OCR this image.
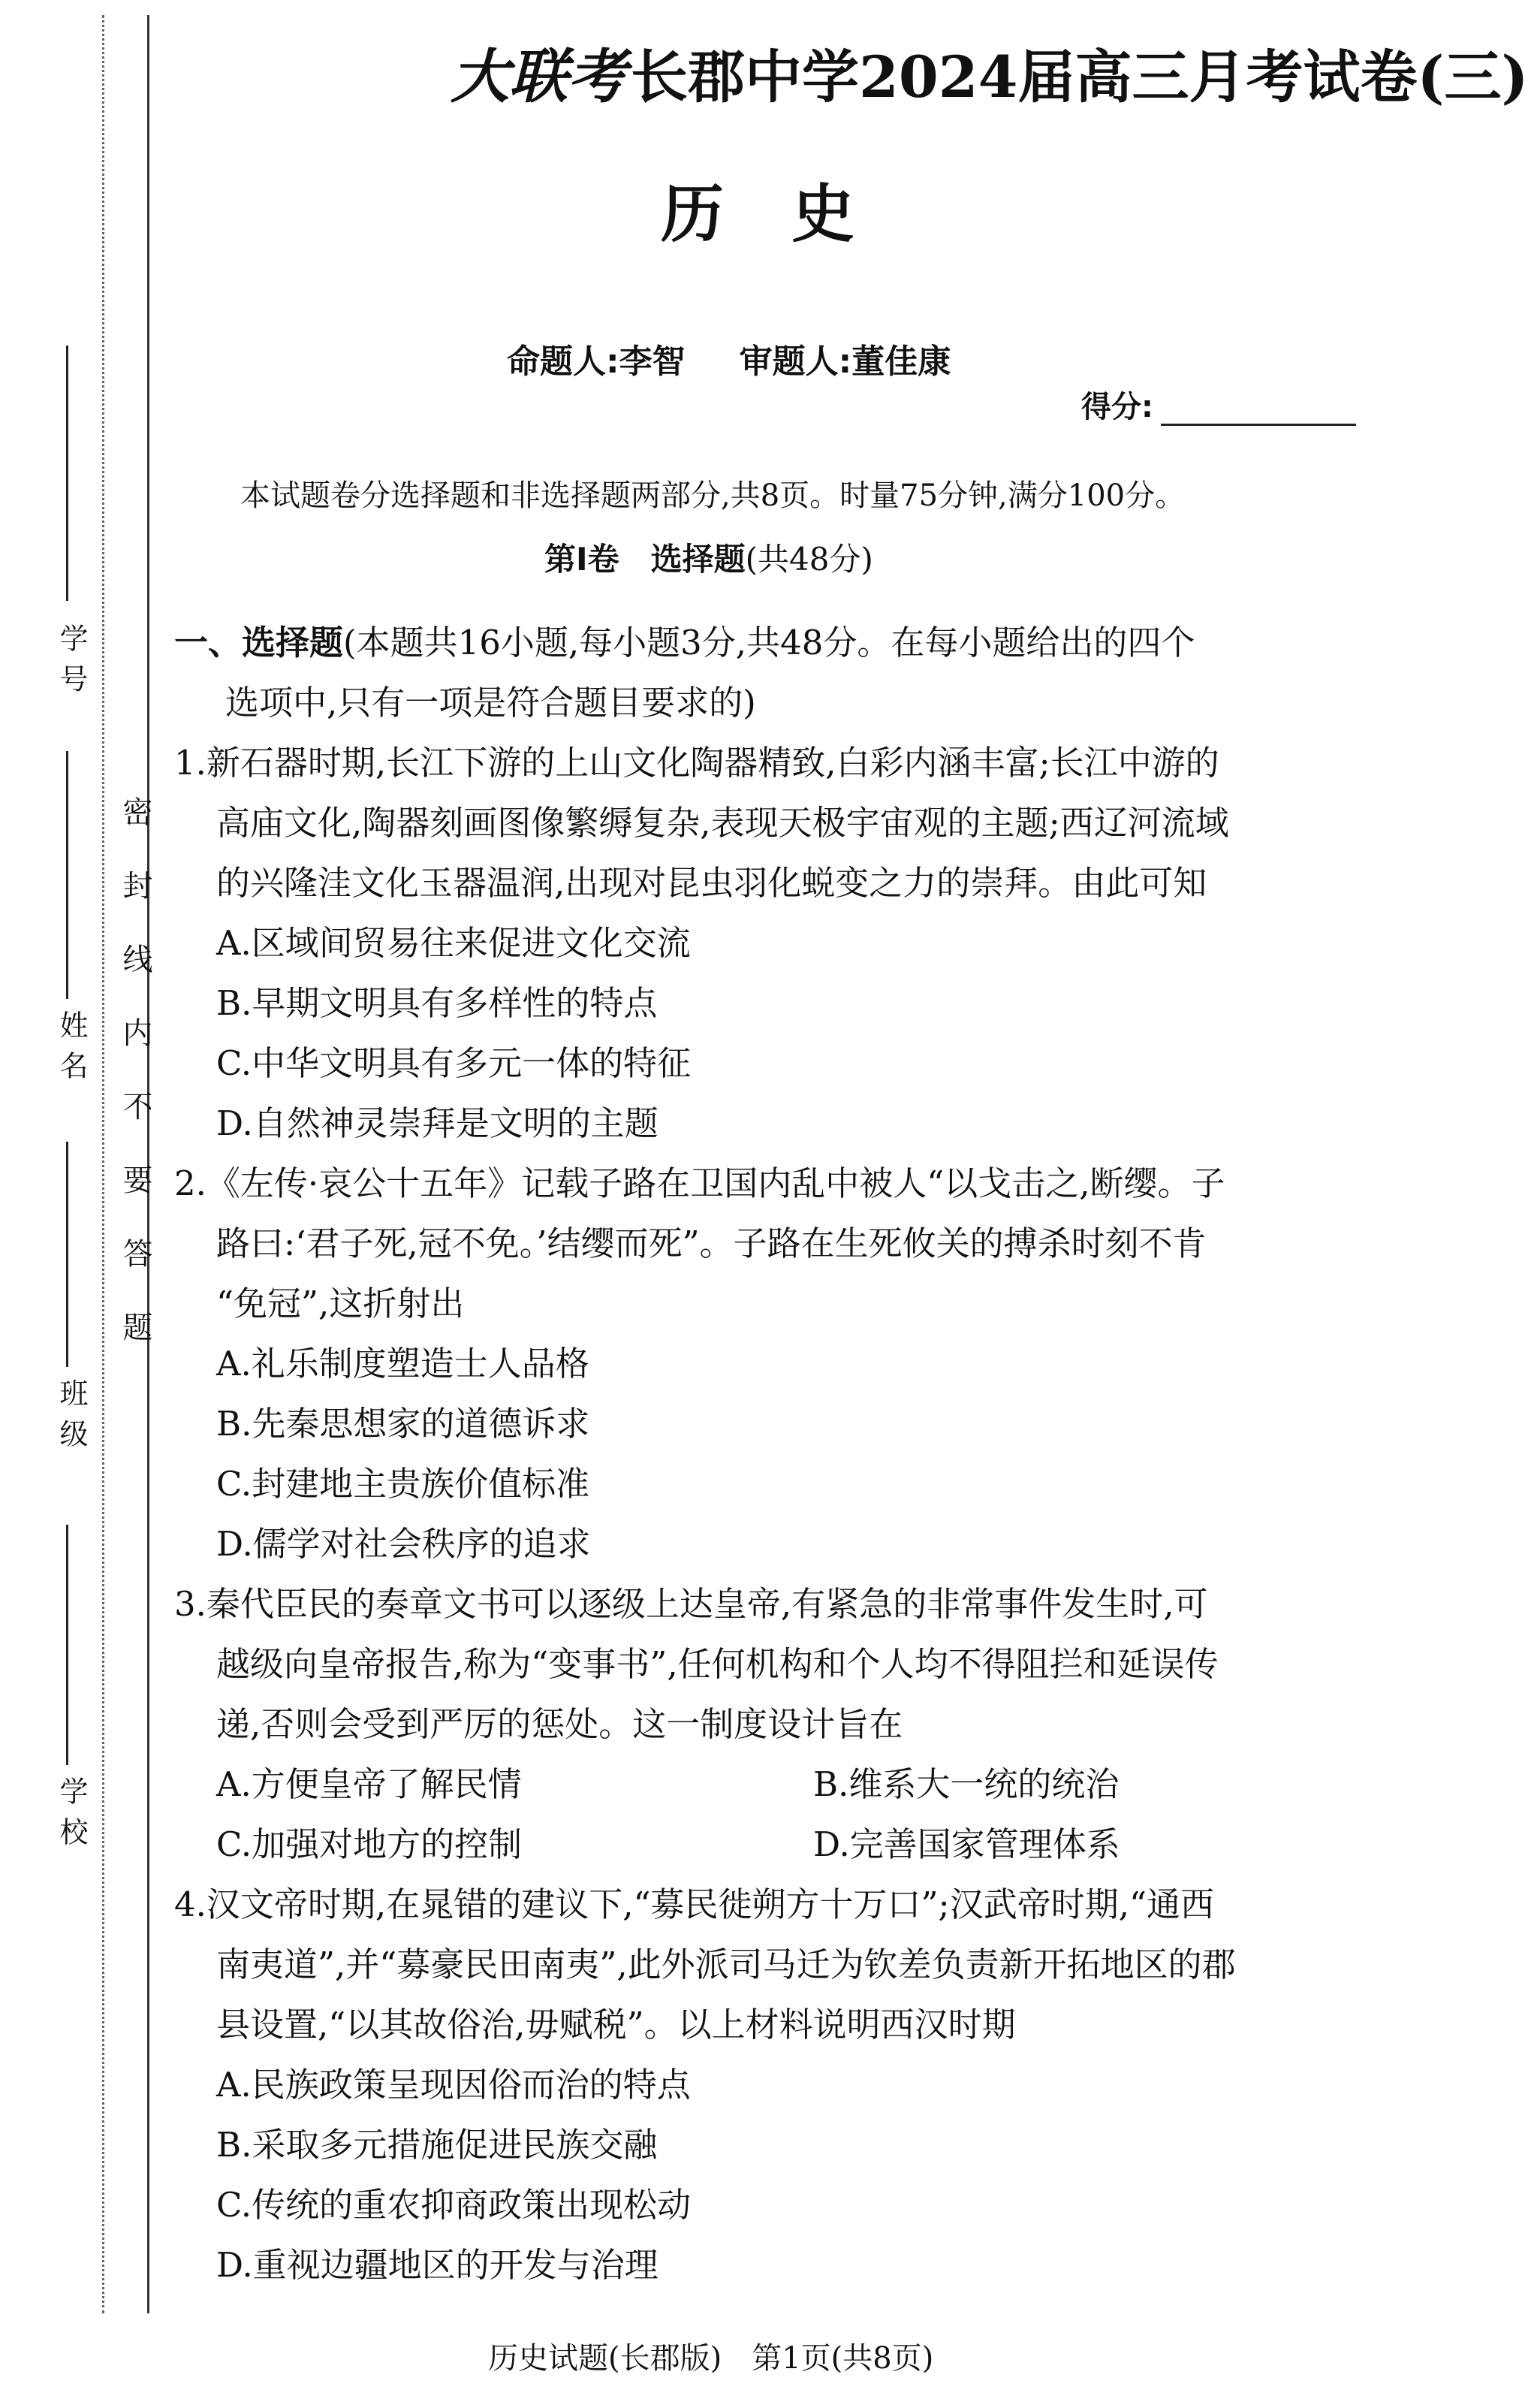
学 号
姓 名
班 级
学 校
密封线内不要答题
大联考长郡中学2024届高三月考试卷(三)
历史
命题人:李智 审题人:董佳康
得分:
本试题卷分选择题和非选择题两部分,共8页。时量75分钟,满分100分。
第Ⅰ卷　选择题(共48分)
一、选择题(本题共16小题,每小题3分,共48分。在每小题给出的四个
选项中,只有一项是符合题目要求的)
1.新石器时期,长江下游的上山文化陶器精致,白彩内涵丰富;长江中游的
高庙文化,陶器刻画图像繁缛复杂,表现天极宇宙观的主题;西辽河流域
的兴隆洼文化玉器温润,出现对昆虫羽化蜕变之力的崇拜。由此可知
A.区域间贸易往来促进文化交流
B.早期文明具有多样性的特点
C.中华文明具有多元一体的特征
D.自然神灵崇拜是文明的主题
2.《左传·哀公十五年》记载子路在卫国内乱中被人“以戈击之,断缨。子
路曰:‘君子死,冠不免。’结缨而死”。子路在生死攸关的搏杀时刻不肯
“免冠”,这折射出
A.礼乐制度塑造士人品格
B.先秦思想家的道德诉求
C.封建地主贵族价值标准
D.儒学对社会秩序的追求
3.秦代臣民的奏章文书可以逐级上达皇帝,有紧急的非常事件发生时,可
越级向皇帝报告,称为“变事书”,任何机构和个人均不得阻拦和延误传
递,否则会受到严厉的惩处。这一制度设计旨在
A.方便皇帝了解民情	B.维系大一统的统治
C.加强对地方的控制	D.完善国家管理体系
4.汉文帝时期,在晁错的建议下,“募民徙朔方十万口”;汉武帝时期,“通西
南夷道”,并“募豪民田南夷”,此外派司马迁为钦差负责新开拓地区的郡
县设置,“以其故俗治,毋赋税”。以上材料说明西汉时期
A.民族政策呈现因俗而治的特点
B.采取多元措施促进民族交融
C.传统的重农抑商政策出现松动
D.重视边疆地区的开发与治理
历史试题(长郡版)　第1页(共8页)
